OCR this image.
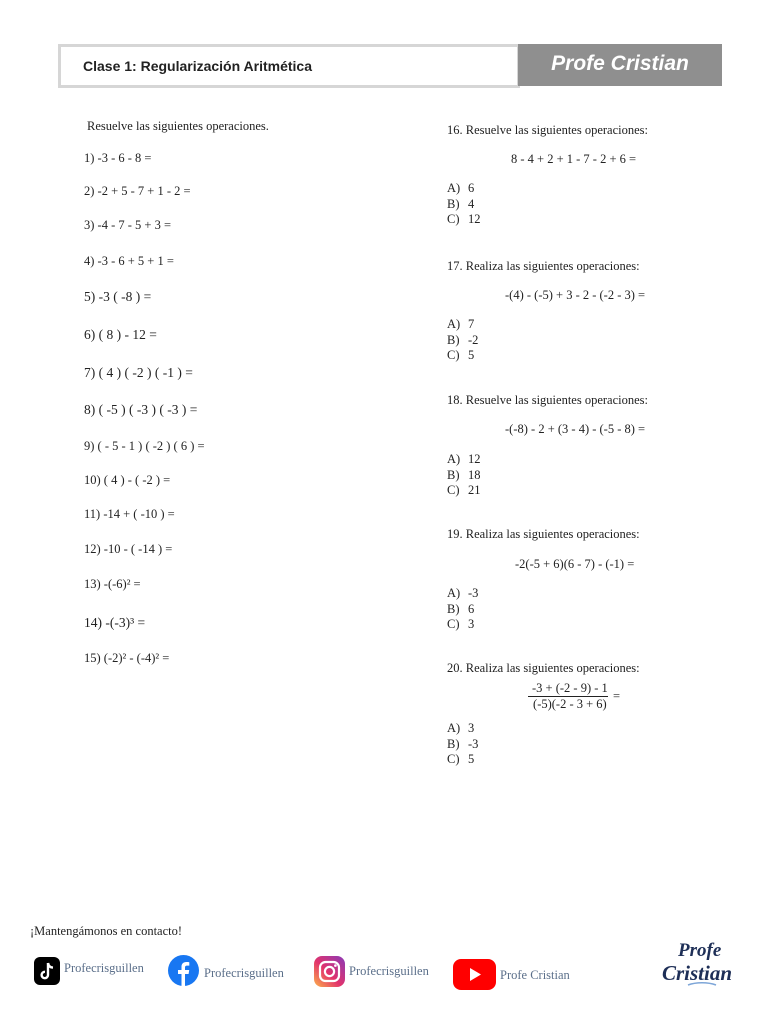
Clase 1: Regularización Aritmética	Profe Cristian
Resuelve las siguientes operaciones.
1) -3 - 6 - 8 =
2) -2 + 5 - 7 + 1 - 2 =
3) -4 - 7 - 5 + 3 =
4) -3 - 6 + 5 + 1 =
5) -3 ( -8 ) =
6) ( 8 ) - 12 =
7) ( 4 ) ( -2 ) ( -1 ) =
8) ( -5 ) ( -3 ) ( -3 ) =
9) ( - 5 - 1 ) ( -2 ) ( 6 ) =
10) ( 4 ) - ( -2 ) =
11) -14 + ( -10 ) =
12) -10 - ( -14 ) =
13) -(-6)² =
14) -(-3)³ =
15) (-2)² - (-4)² =
16. Resuelve las siguientes operaciones:
8 - 4 + 2 + 1 - 7 - 2 + 6 =
A) 6
B) 4
C) 12
17. Realiza las siguientes operaciones:
-(4) - (-5) + 3 - 2 - (-2 - 3) =
A) 7
B) -2
C) 5
18. Resuelve las siguientes operaciones:
-(-8) - 2 + (3 - 4) - (-5 - 8) =
A) 12
B) 18
C) 21
19. Realiza las siguientes operaciones:
-2(-5 + 6)(6 - 7) - (-1) =
A) -3
B) 6
C) 3
20. Realiza las siguientes operaciones:
-3 + (-2 - 9) - 1
(-5)(-2 - 3 + 6)
=
A) 3
B) -3
C) 5
¡Mantengámonos en contacto!
Profecrisguillen	Profecrisguillen	Profecrisguillen	Profe Cristian
Profe
Cristian
